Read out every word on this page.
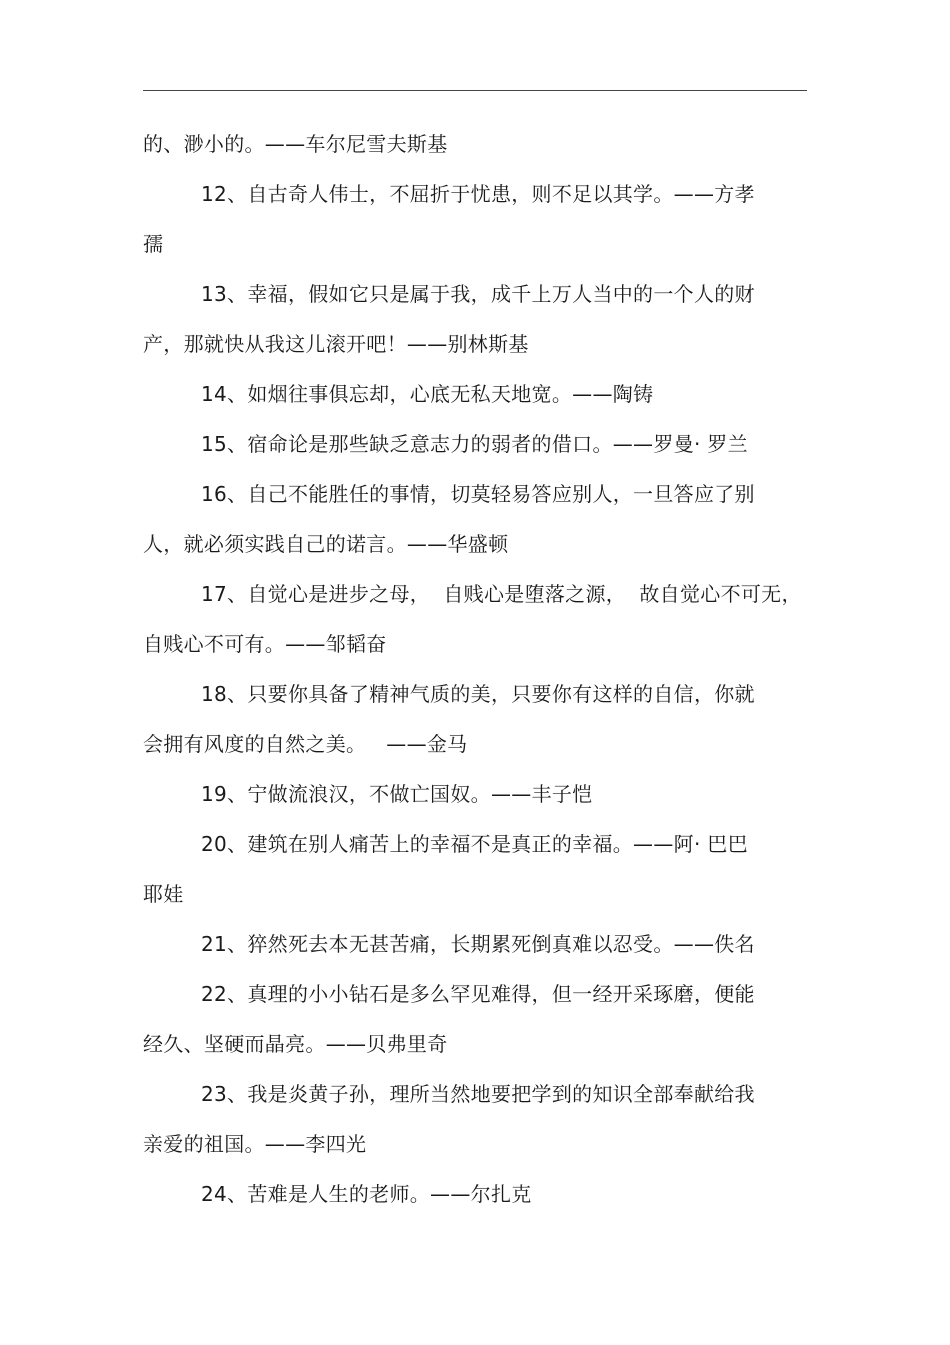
的、渺小的。——车尔尼雪夫斯基
12、自古奇人伟士，不屈折于忧患，则不足以其学。——方孝
孺
13、幸福，假如它只是属于我，成千上万人当中的一个人的财
产，那就快从我这儿滚开吧！——别林斯基
14、如烟往事俱忘却，心底无私天地宽。——陶铸
15、宿命论是那些缺乏意志力的弱者的借口。——罗曼· 罗兰
16、自己不能胜任的事情，切莫轻易答应别人，一旦答应了别
人，就必须实践自己的诺言。——华盛顿
17、自觉心是进步之母，  自贱心是堕落之源，  故自觉心不可无，
自贱心不可有。——邹韬奋
18、只要你具备了精神气质的美，只要你有这样的自信，你就
会拥有风度的自然之美。   ——金马
19、宁做流浪汉，不做亡国奴。——丰子恺
20、建筑在别人痛苦上的幸福不是真正的幸福。——阿· 巴巴
耶娃
21、猝然死去本无甚苦痛，长期累死倒真难以忍受。——佚名
22、真理的小小钻石是多么罕见难得，但一经开采琢磨，便能
经久、坚硬而晶亮。——贝弗里奇
23、我是炎黄子孙，理所当然地要把学到的知识全部奉献给我
亲爱的祖国。——李四光
24、苦难是人生的老师。——尔扎克
